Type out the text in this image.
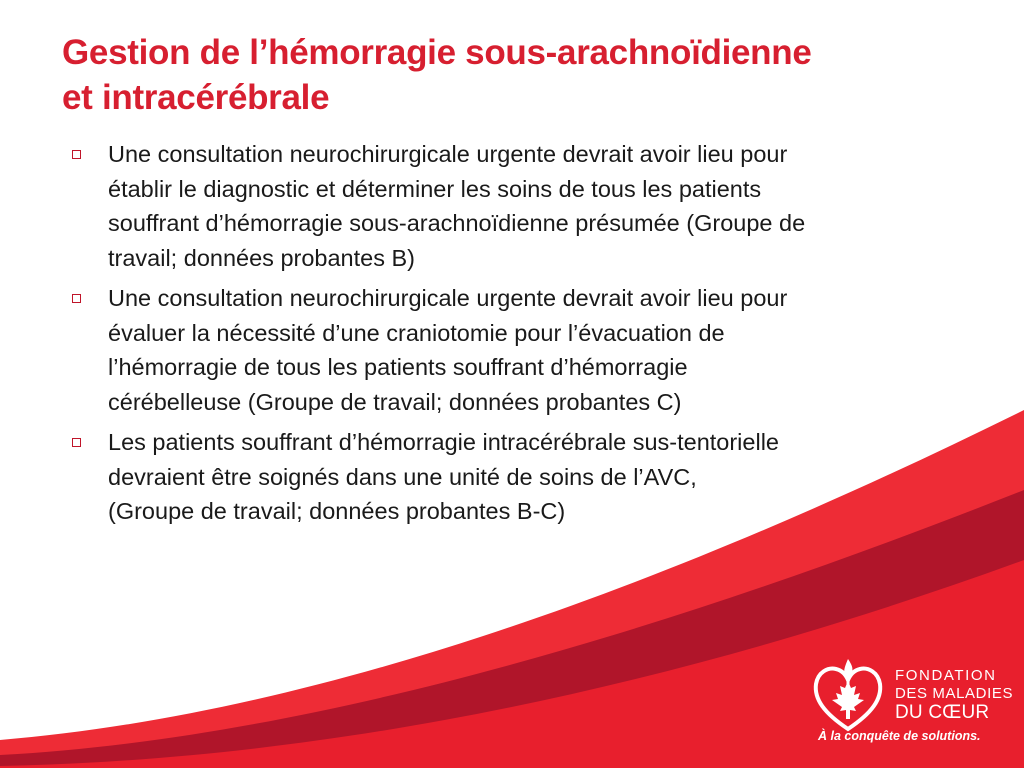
Gestion de l’hémorragie sous-arachnoïdienne
et intracérébrale
Une consultation neurochirurgicale urgente devrait avoir lieu pour
établir le diagnostic et déterminer les soins de tous les patients
souffrant d’hémorragie sous-arachnoïdienne présumée (Groupe de
travail; données probantes B)
Une consultation neurochirurgicale urgente devrait avoir lieu pour
évaluer la nécessité d’une craniotomie pour l’évacuation de
l’hémorragie de tous les patients souffrant d’hémorragie
cérébelleuse (Groupe de travail; données probantes C)
Les patients souffrant d’hémorragie intracérébrale sus-tentorielle
devraient être soignés dans une unité de soins de l’AVC,
(Groupe de travail; données probantes B-C)
FONDATION
DES MALADIES
DU CŒUR
À la conquête de solutions.
